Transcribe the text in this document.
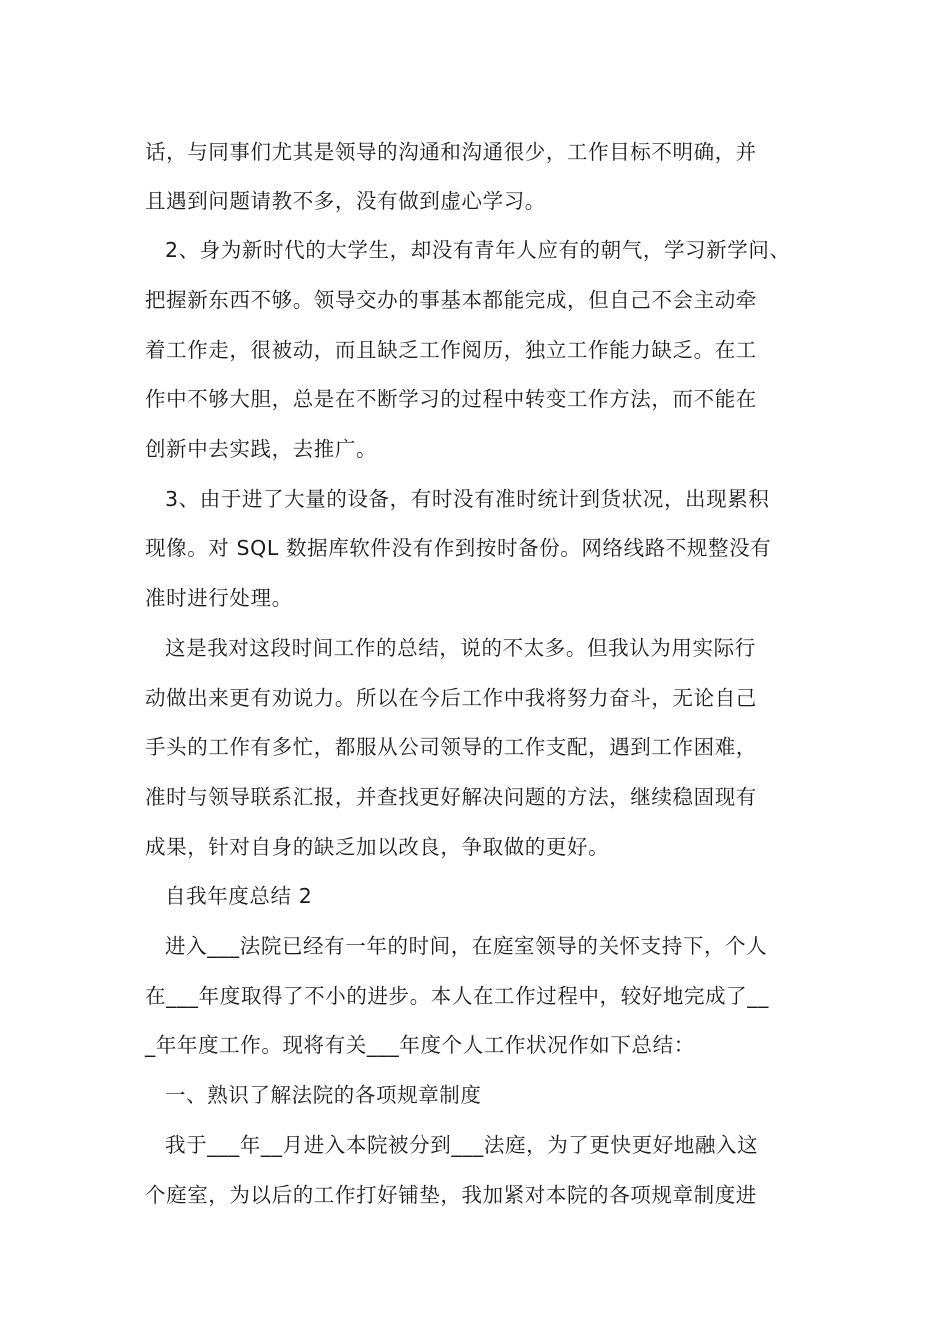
话，与同事们尤其是领导的沟通和沟通很少，工作目标不明确，并
且遇到问题请教不多，没有做到虚心学习。
2、身为新时代的大学生，却没有青年人应有的朝气，学习新学问、
把握新东西不够。领导交办的事基本都能完成，但自己不会主动牵
着工作走，很被动，而且缺乏工作阅历，独立工作能力缺乏。在工
作中不够大胆，总是在不断学习的过程中转变工作方法，而不能在
创新中去实践，去推广。
3、由于进了大量的设备，有时没有准时统计到货状况，出现累积
现像。对 SQL 数据库软件没有作到按时备份。网络线路不规整没有
准时进行处理。
这是我对这段时间工作的总结，说的不太多。但我认为用实际行
动做出来更有劝说力。所以在今后工作中我将努力奋斗，无论自己
手头的工作有多忙，都服从公司领导的工作支配，遇到工作困难，
准时与领导联系汇报，并查找更好解决问题的方法，继续稳固现有
成果，针对自身的缺乏加以改良，争取做的更好。
自我年度总结 2
进入___法院已经有一年的时间，在庭室领导的关怀支持下，个人
在___年度取得了不小的进步。本人在工作过程中，较好地完成了__
_年年度工作。现将有关___年度个人工作状况作如下总结：
一、熟识了解法院的各项规章制度
我于___年__月进入本院被分到___法庭，为了更快更好地融入这
个庭室，为以后的工作打好铺垫，我加紧对本院的各项规章制度进
